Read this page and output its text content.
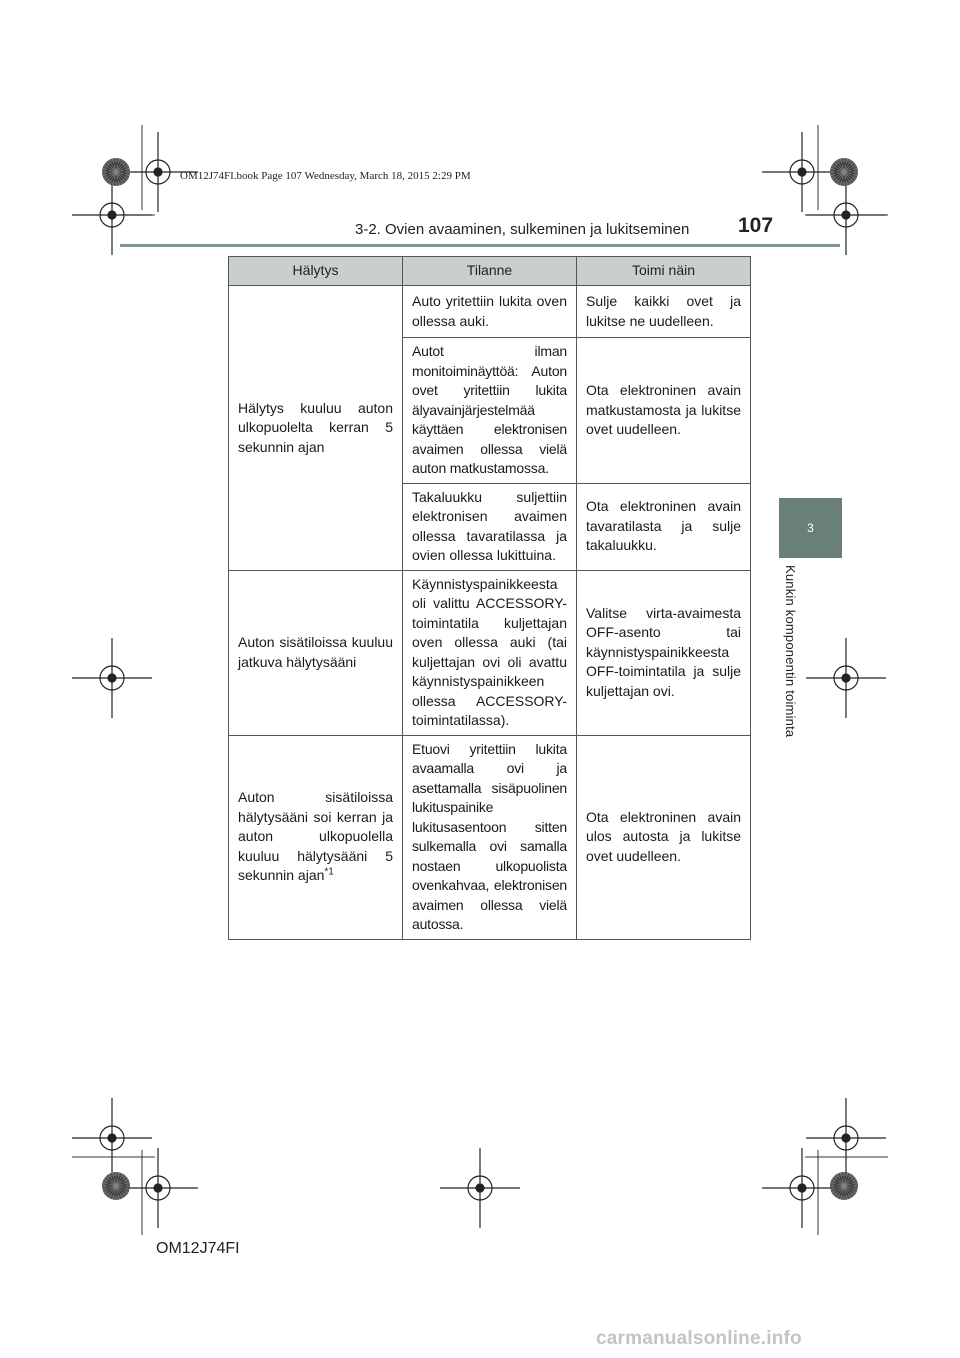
OM12J74FI.book Page 107 Wednesday, March 18, 2015 2:29 PM
3-2. Ovien avaaminen, sulkeminen ja lukitseminen 107
3
Kunkin komponentin toiminta
Hälytys	Tilanne	Toimi näin

Hälytys kuuluu auton ulkopuolelta kerran 5 sekunnin ajan	Auto yritettiin lukita oven ollessa auki.	Sulje kaikki ovet ja lukitse ne uudelleen.

	Autot ilman monitoiminäyttöä: Auton ovet yritettiin lukita älyavainjärjestelmää käyttäen elektronisen avaimen ollessa vielä auton matkustamossa.	Ota elektroninen avain matkustamosta ja lukitse ovet uudelleen.

	Takaluukku suljettiin elektronisen avaimen ollessa tavaratilassa ja ovien ollessa lukittuina.	Ota elektroninen avain tavaratilasta ja sulje takaluukku.

Auton sisätiloissa kuuluu jatkuva hälytysääni	Käynnistyspainikkeesta oli valittu ACCESSORY-toimintatila kuljettajan oven ollessa auki (tai kuljettajan ovi oli avattu käynnistyspainikkeen ollessa ACCESSORY-toimintatilassa).	Valitse virta-avaimesta OFF-asento tai käynnistyspainikkeesta OFF-toimintatila ja sulje kuljettajan ovi.

Auton sisätiloissa hälytysääni soi kerran ja auton ulkopuolella kuuluu hälytysääni 5 sekunnin ajan$^{*1}$	Etuovi yritettiin lukita avaamalla ovi ja asettamalla sisäpuolinen lukituspainike lukitusasentoon sitten sulkemalla ovi samalla nostaen ulkopuolista ovenkahvaa, elektronisen avaimen ollessa vielä autossa.	Ota elektroninen avain ulos autosta ja lukitse ovet uudelleen.
OM12J74FI
carmanualsonline.info
